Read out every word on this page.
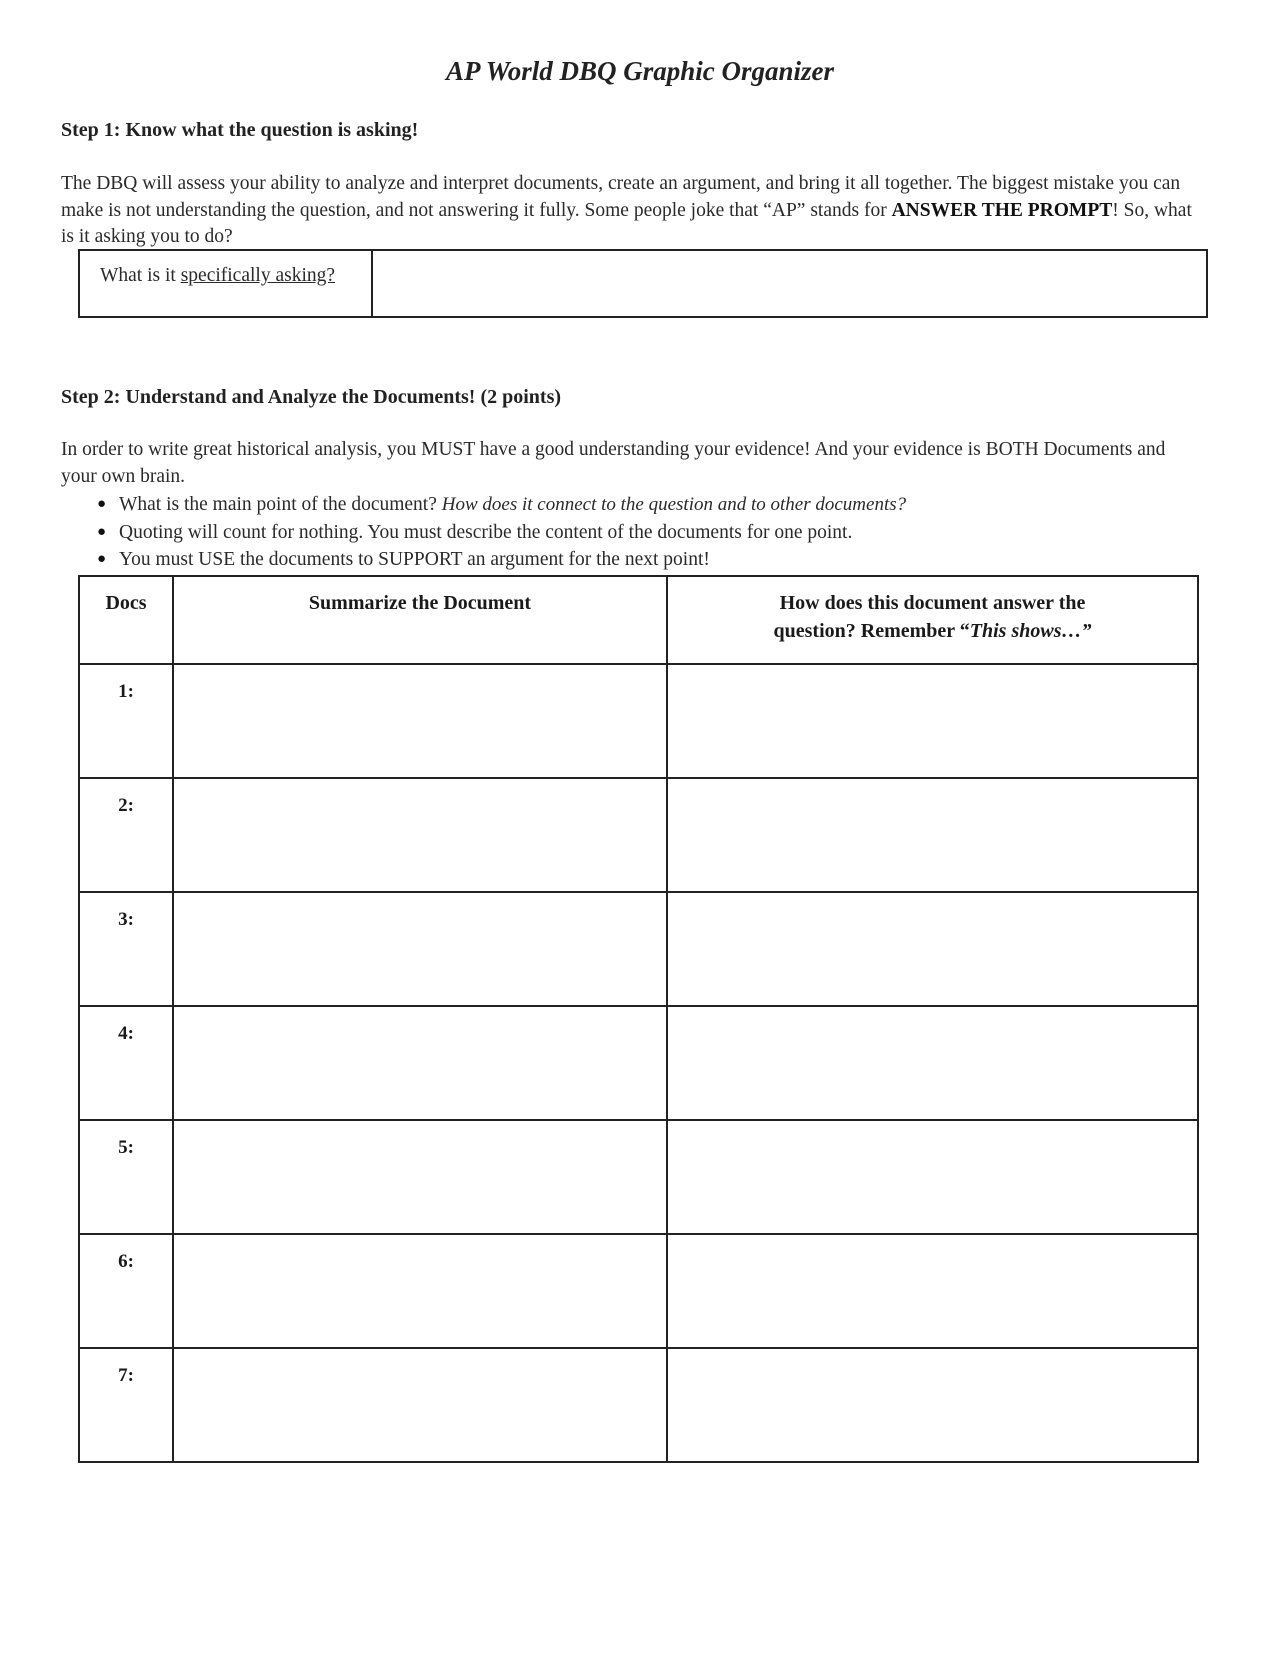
AP World DBQ Graphic Organizer
Step 1: Know what the question is asking!

The DBQ will assess your ability to analyze and interpret documents, create an argument, and bring it all together. The biggest mistake you can make is not understanding the question, and not answering it fully. Some people joke that “AP” stands for ANSWER THE PROMPT! So, what is it asking you to do?

What is it specifically asking?
Step 2: Understand and Analyze the Documents! (2 points)

In order to write great historical analysis, you MUST have a good understanding your evidence! And your evidence is BOTH Documents and your own brain.

● What is the main point of the document? How does it connect to the question and to other documents?
● Quoting will count for nothing. You must describe the content of the documents for one point.
● You must USE the documents to SUPPORT an argument for the next point!
Docs	Summarize the Document	How does this document answer the
question? Remember “This shows…”
1:		
2:		
3:		
4:		
5:		
6:		
7:		
